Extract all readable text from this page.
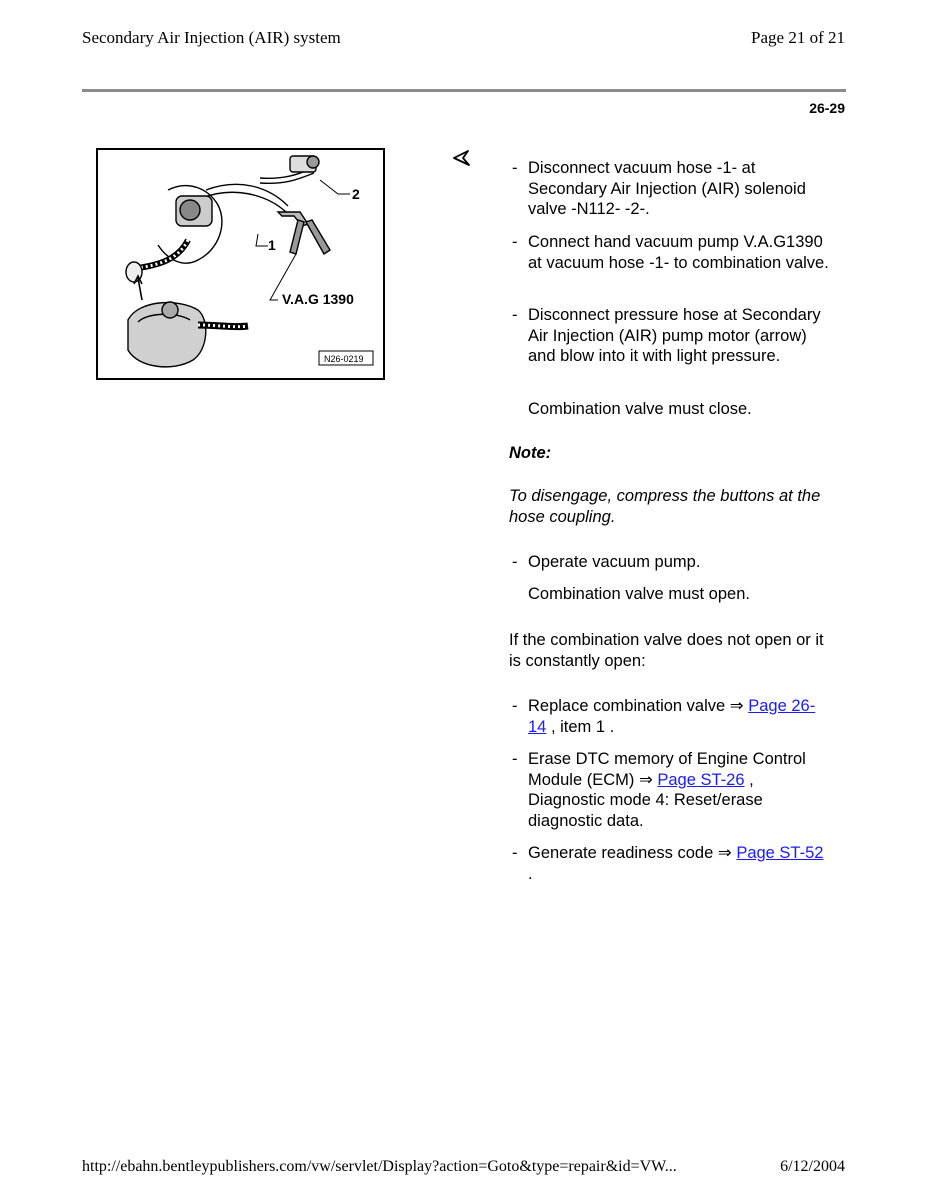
Secondary Air Injection (AIR) system	Page 21 of 21
26-29
1
2
V.A.G 1390
N26-0219
- Disconnect vacuum hose -1- at Secondary Air Injection (AIR) solenoid valve -N112- -2-.
- Connect hand vacuum pump V.A.G1390 at vacuum hose -1- to combination valve.
- Disconnect pressure hose at Secondary Air Injection (AIR) pump motor (arrow) and blow into it with light pressure.
Combination valve must close.
Note:
To disengage, compress the buttons at the hose coupling.
- Operate vacuum pump.
Combination valve must open.
If the combination valve does not open or it is constantly open:
- Replace combination valve ⇒ Page 26-14 , item 1 .
- Erase DTC memory of Engine Control Module (ECM) ⇒ Page ST-26 , Diagnostic mode 4: Reset/erase diagnostic data.
- Generate readiness code ⇒ Page ST-52 .
http://ebahn.bentleypublishers.com/vw/servlet/Display?action=Goto&type=repair&id=VW...	6/12/2004
